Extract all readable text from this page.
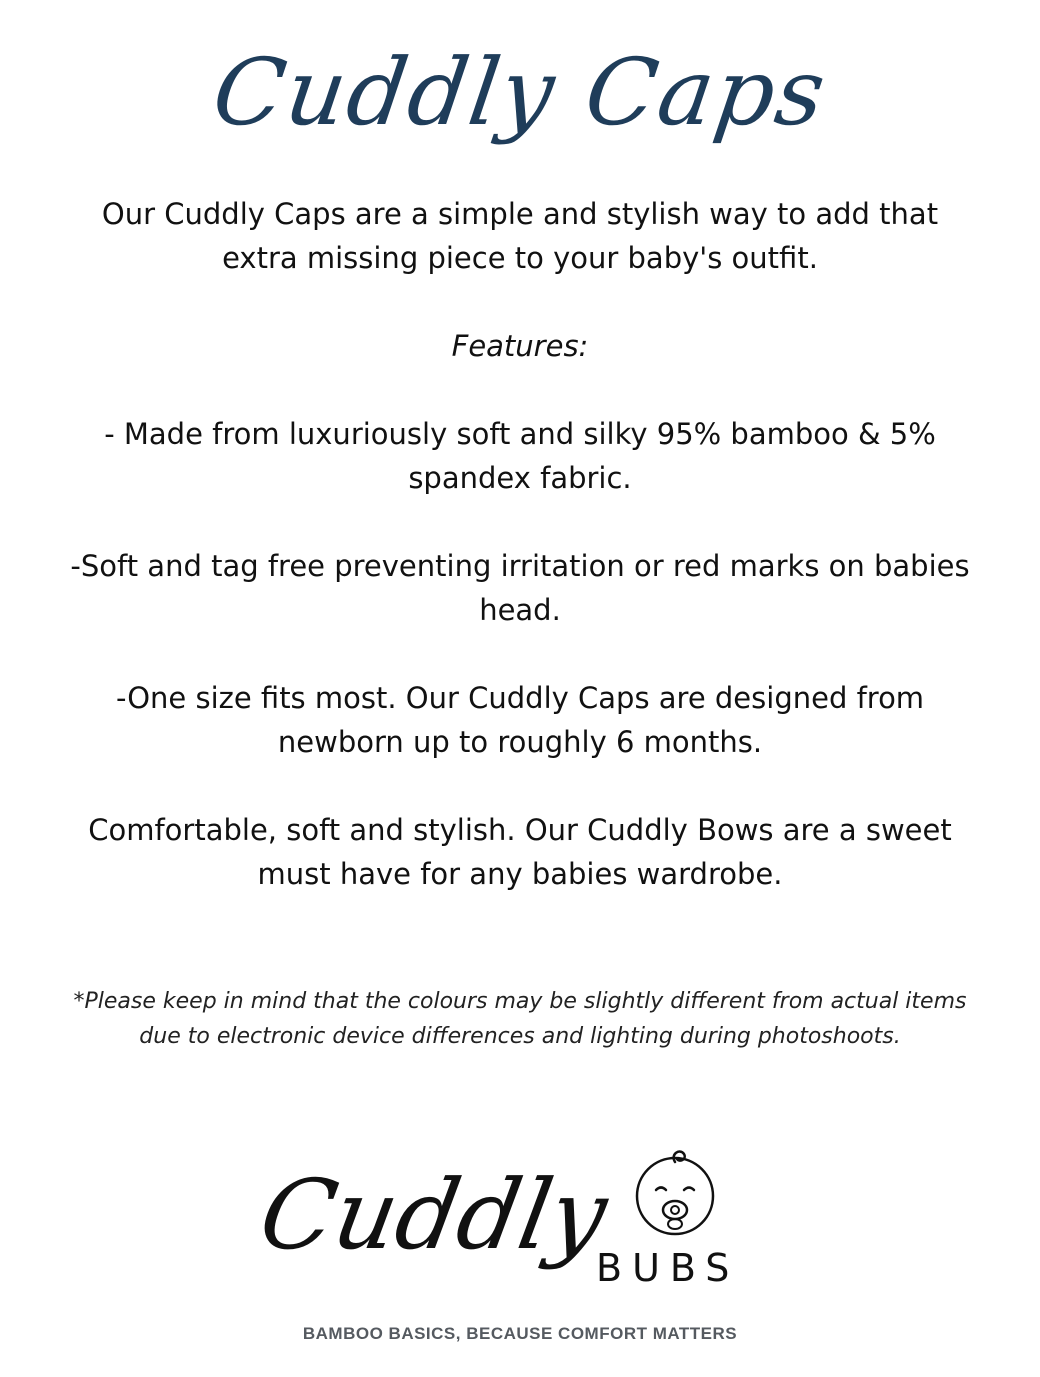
Cuddly Caps
Our Cuddly Caps are a simple and stylish way to add that extra missing piece to your baby's outfit.
Features:
- Made from luxuriously soft and silky 95% bamboo & 5% spandex fabric.
-Soft and tag free preventing irritation or red marks on babies head.
-One size fits most. Our Cuddly Caps are designed from newborn up to roughly 6 months.
Comfortable, soft and stylish. Our Cuddly Bows are a sweet must have for any babies wardrobe.
*Please keep in mind that the colours may be slightly different from actual items due to electronic device differences and lighting during photoshoots.
Cuddly
BUBS
BAMBOO BASICS, BECAUSE COMFORT MATTERS
